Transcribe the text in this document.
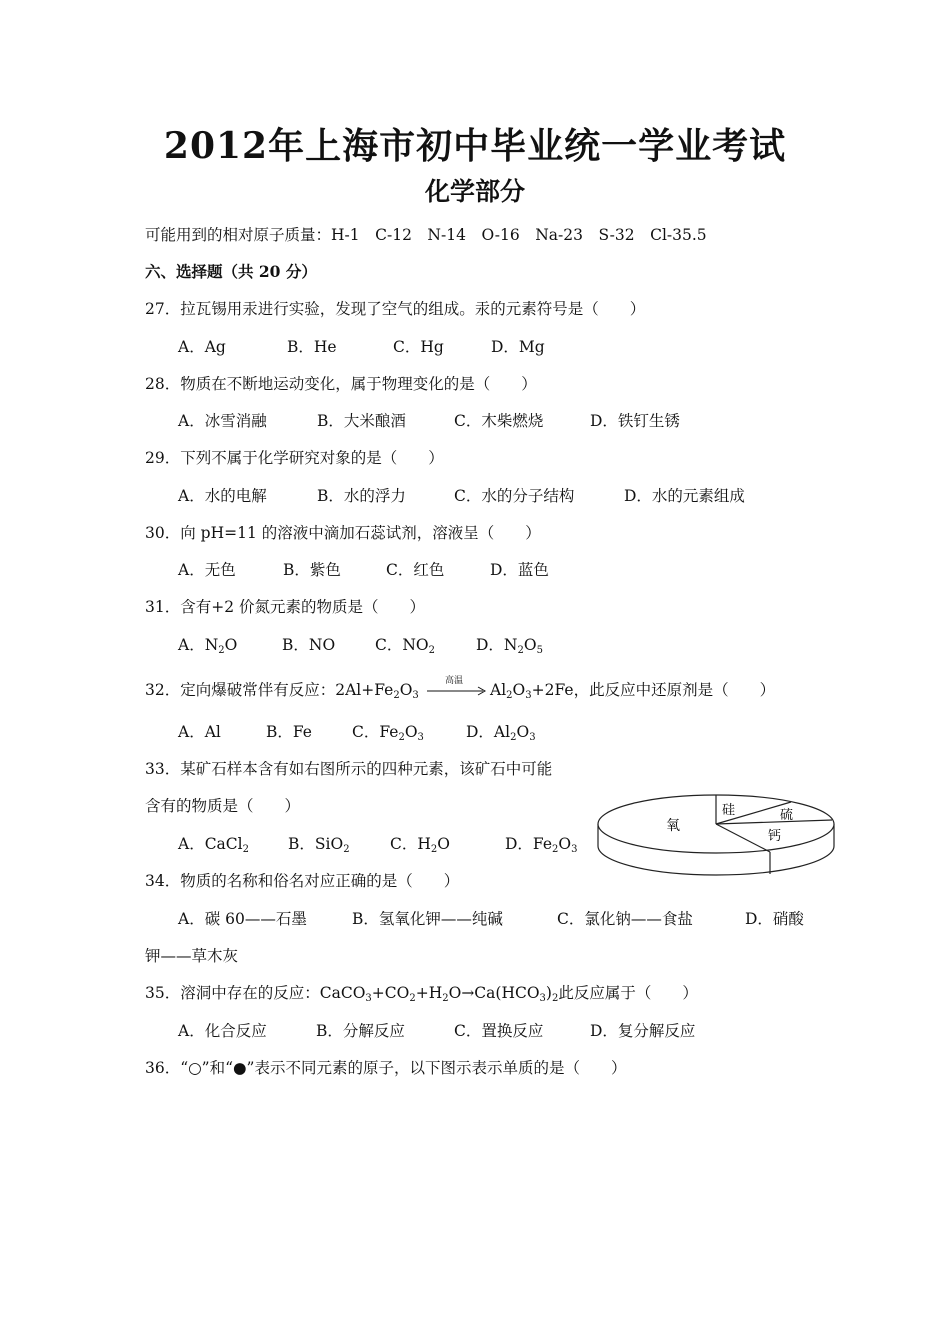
2012年上海市初中毕业统一学业考试
化学部分
可能用到的相对原子质量：H-1　C-12　N-14　O-16　Na-23　S-32　Cl-35.5
六、选择题（共 20 分）
27．拉瓦锡用汞进行实验，发现了空气的组成。汞的元素符号是（　　）
A．Ag	B．He	C．Hg	D．Mg
28．物质在不断地运动变化，属于物理变化的是（　　）
A．冰雪消融	B．大米酿酒	C．木柴燃烧	D．铁钉生锈
29．下列不属于化学研究对象的是（　　）
A．水的电解	B．水的浮力	C．水的分子结构	D．水的元素组成
30．向 pH=11 的溶液中滴加石蕊试剂，溶液呈（　　）
A．无色	B．紫色	C．红色	D．蓝色
31．含有+2 价氮元素的物质是（　　）
A．$N_2O$	B．NO	C．$NO_2$	D．$N_2O_5$
32．定向爆破常伴有反应：$2Al+Fe_2O_3$ →
高温 $Al_2O_3+2Fe$，此反应中还原剂是（　　）
A．Al	B．Fe	C．$Fe_2O_3$	D．$Al_2O_3$
33．某矿石样本含有如右图所示的四种元素，该矿石中可能
含有的物质是（　　）
A．CaCl$_2$	B．SiO$_2$	C．$H_2O$	D．$Fe_2O_3$
氧
硅	硫
钙
34．物质的名称和俗名对应正确的是（　　）
A．碳 60——石墨	B．氢氧化钾——纯碱	C．氯化钠——食盐	D．硝酸
钾——草木灰
35．溶洞中存在的反应：$CaCO_3+CO_2+H_2O\to Ca(HCO_3)_2$此反应属于（　　）
A．化合反应	B．分解反应	C．置换反应	D．复分解反应
36．“○”和“●”表示不同元素的原子，以下图示表示单质的是（　　）
